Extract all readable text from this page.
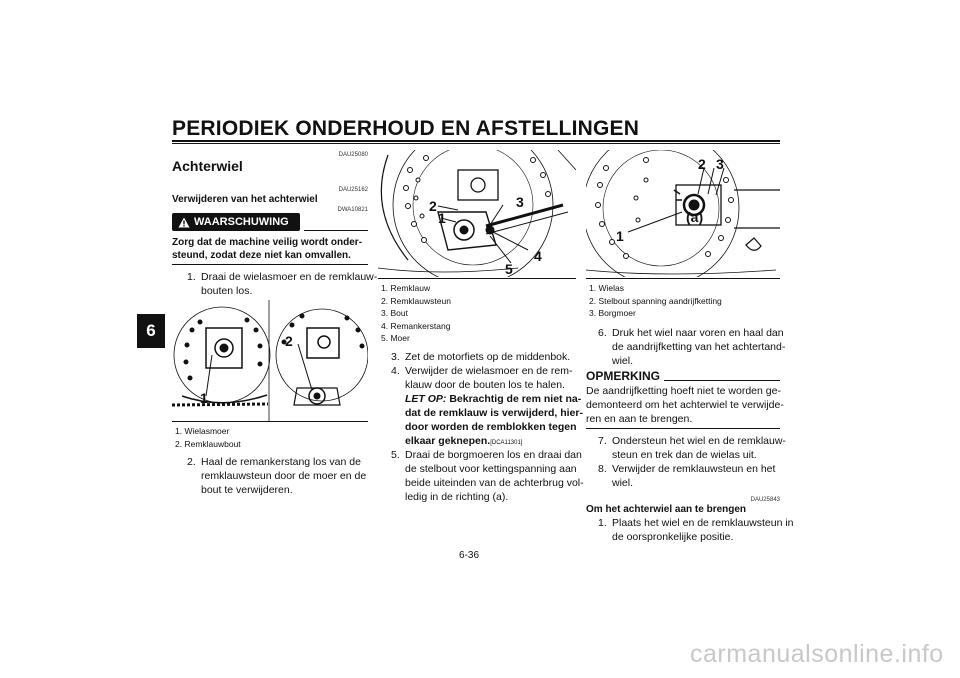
PERIODIEK ONDERHOUD EN AFSTELLINGEN
6
DAU25080
Achterwiel
DAU25162
Verwijderen van het achterwiel
DWA10821
WAARSCHUWING
Zorg dat de machine veilig wordt onder-
steund, zodat deze niet kan omvallen.
1. Draai de wielasmoer en de remklauw-
bouten los.
1
2
1. Wielasmoer
2. Remklauwbout
2. Haal de remankerstang los van de
remklauwsteun door de moer en de
bout te verwijderen.
1
2	3
4
5
1. Remklauw
2. Remklauwsteun
3. Bout
4. Remankerstang
5. Moer
3. Zet de motorfiets op de middenbok.
4. Verwijder de wielasmoer en de rem-
klauw door de bouten los te halen.
LET OP: Bekrachtig de rem niet na-
dat de remklauw is verwijderd, hier-
door worden de remblokken tegen
elkaar geknepen.[DCA11301]
5. Draai de borgmoeren los en draai dan
de stelbout voor kettingspanning aan
beide uiteinden van de achterbrug vol-
ledig in de richting (a).
2 3
(a)
1
1. Wielas
2. Stelbout spanning aandrijfketting
3. Borgmoer
6. Druk het wiel naar voren en haal dan
de aandrijfketting van het achtertand-
wiel.
OPMERKING
De aandrijfketting hoeft niet te worden ge-
demonteerd om het achterwiel te verwijde-
ren en aan te brengen.
7. Ondersteun het wiel en de remklauw-
steun en trek dan de wielas uit.
8. Verwijder de remklauwsteun en het
wiel.
DAU25843
Om het achterwiel aan te brengen
1. Plaats het wiel en de remklauwsteun in
de oorspronkelijke positie.
6-36
carmanualsonline.info
